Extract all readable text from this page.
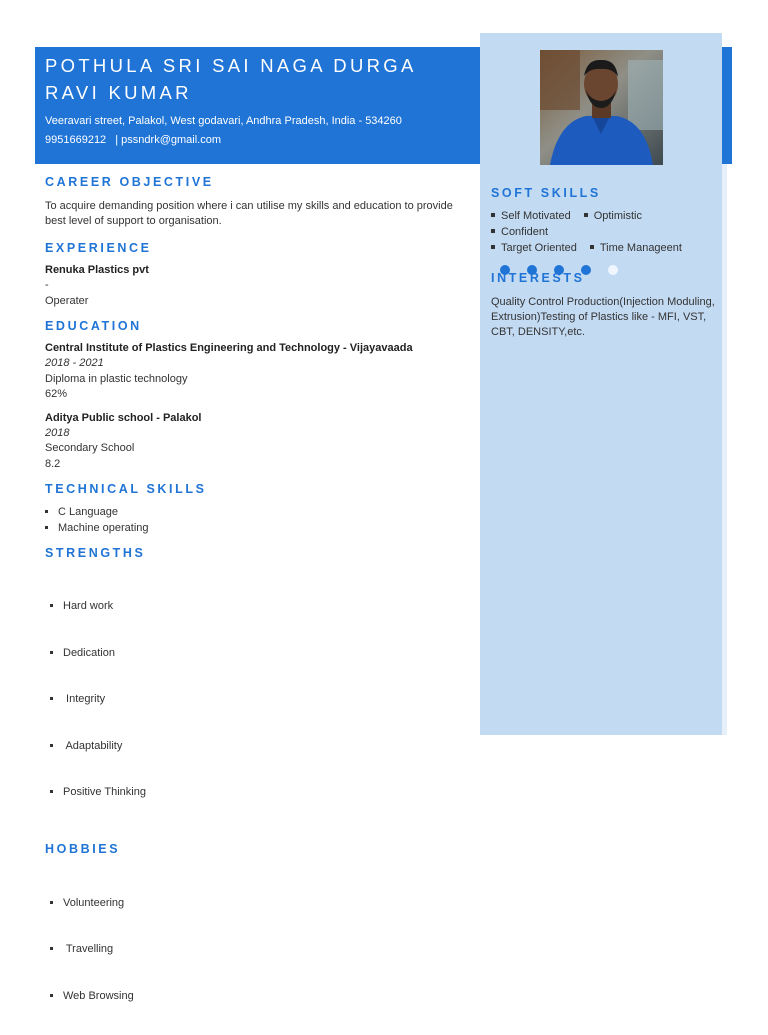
POTHULA SRI SAI NAGA DURGA RAVI KUMAR
Veeravari street, Palakol, West godavari, Andhra Pradesh, India - 534260
9951669212 | pssndrk@gmail.com
CAREER OBJECTIVE

To acquire demanding position where i can utilise my skills and education to provide best level of support to organisation.

EXPERIENCE
Renuka Plastics pvt
-
Operater
EDUCATION
Central Institute of Plastics Engineering and Technology - Vijayavaada
2018 - 2021
Diploma in plastic technology
62%
Aditya Public school - Palakol
2018
Secondary School
8.2
TECHNICAL SKILLS
▪ C Language
▪ Machine operating
STRENGTHS

▪ Hard work

▪ Dedication

▪  Integrity

▪  Adaptability

▪ Positive Thinking

HOBBIES

▪ Volunteering

▪  Travelling

▪ Web Browsing

SOFT SKILLS
Self Motivated OptimisticConfident
Target Oriented Time Manageent
INTERESTS

Quality Control Production(Injection Moduling, Extrusion)Testing of Plastics like - MFI, VST, CBT, DENSITY,etc.
